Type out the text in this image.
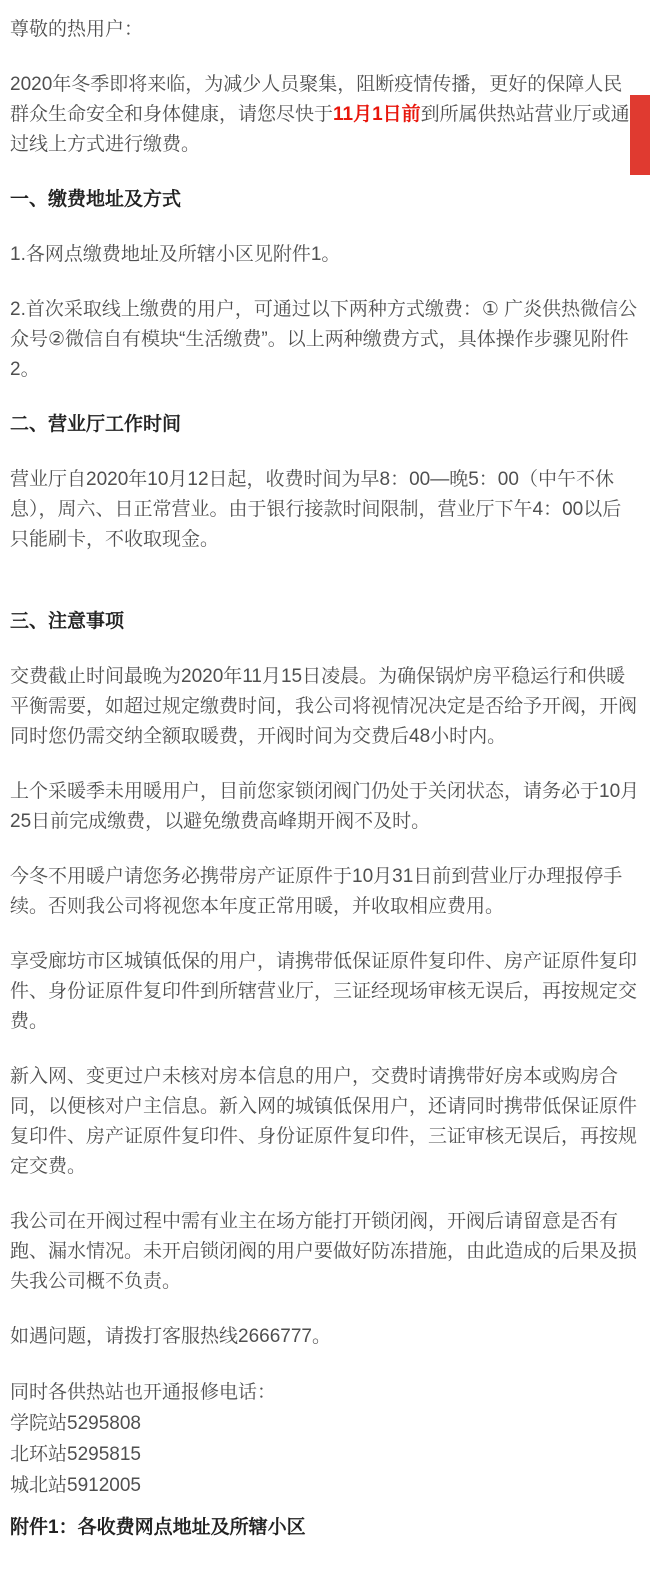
尊敬的热用户：

2020年冬季即将来临，为减少人员聚集，阻断疫情传播，更好的保障人民群众生命安全和身体健康，请您尽快于11月1日前到所属供热站营业厅或通过线上方式进行缴费。

一、缴费地址及方式

1.各网点缴费地址及所辖小区见附件1。

2.首次采取线上缴费的用户，可通过以下两种方式缴费：① 广炎供热微信公众号②微信自有模块“生活缴费”。以上两种缴费方式，具体操作步骤见附件2。

二、营业厅工作时间

营业厅自2020年10月12日起，收费时间为早8：00—晚5：00（中午不休息），周六、日正常营业。由于银行接款时间限制，营业厅下午4：00以后只能刷卡，不收取现金。

三、注意事项

交费截止时间最晚为2020年11月15日凌晨。为确保锅炉房平稳运行和供暖平衡需要，如超过规定缴费时间，我公司将视情况决定是否给予开阀，开阀同时您仍需交纳全额取暖费，开阀时间为交费后48小时内。

上个采暖季未用暖用户，目前您家锁闭阀门仍处于关闭状态，请务必于10月25日前完成缴费，以避免缴费高峰期开阀不及时。

今冬不用暖户请您务必携带房产证原件于10月31日前到营业厅办理报停手续。否则我公司将视您本年度正常用暖，并收取相应费用。

享受廊坊市区城镇低保的用户，请携带低保证原件复印件、房产证原件复印件、身份证原件复印件到所辖营业厅，三证经现场审核无误后，再按规定交费。

新入网、变更过户未核对房本信息的用户，交费时请携带好房本或购房合同，以便核对户主信息。新入网的城镇低保用户，还请同时携带低保证原件复印件、房产证原件复印件、身份证原件复印件，三证审核无误后，再按规定交费。

我公司在开阀过程中需有业主在场方能打开锁闭阀，开阀后请留意是否有跑、漏水情况。未开启锁闭阀的用户要做好防冻措施，由此造成的后果及损失我公司概不负责。

如遇问题，请拨打客服热线2666777。

同时各供热站也开通报修电话：
学院站5295808
北环站5295815
城北站5912005

附件1：各收费网点地址及所辖小区
